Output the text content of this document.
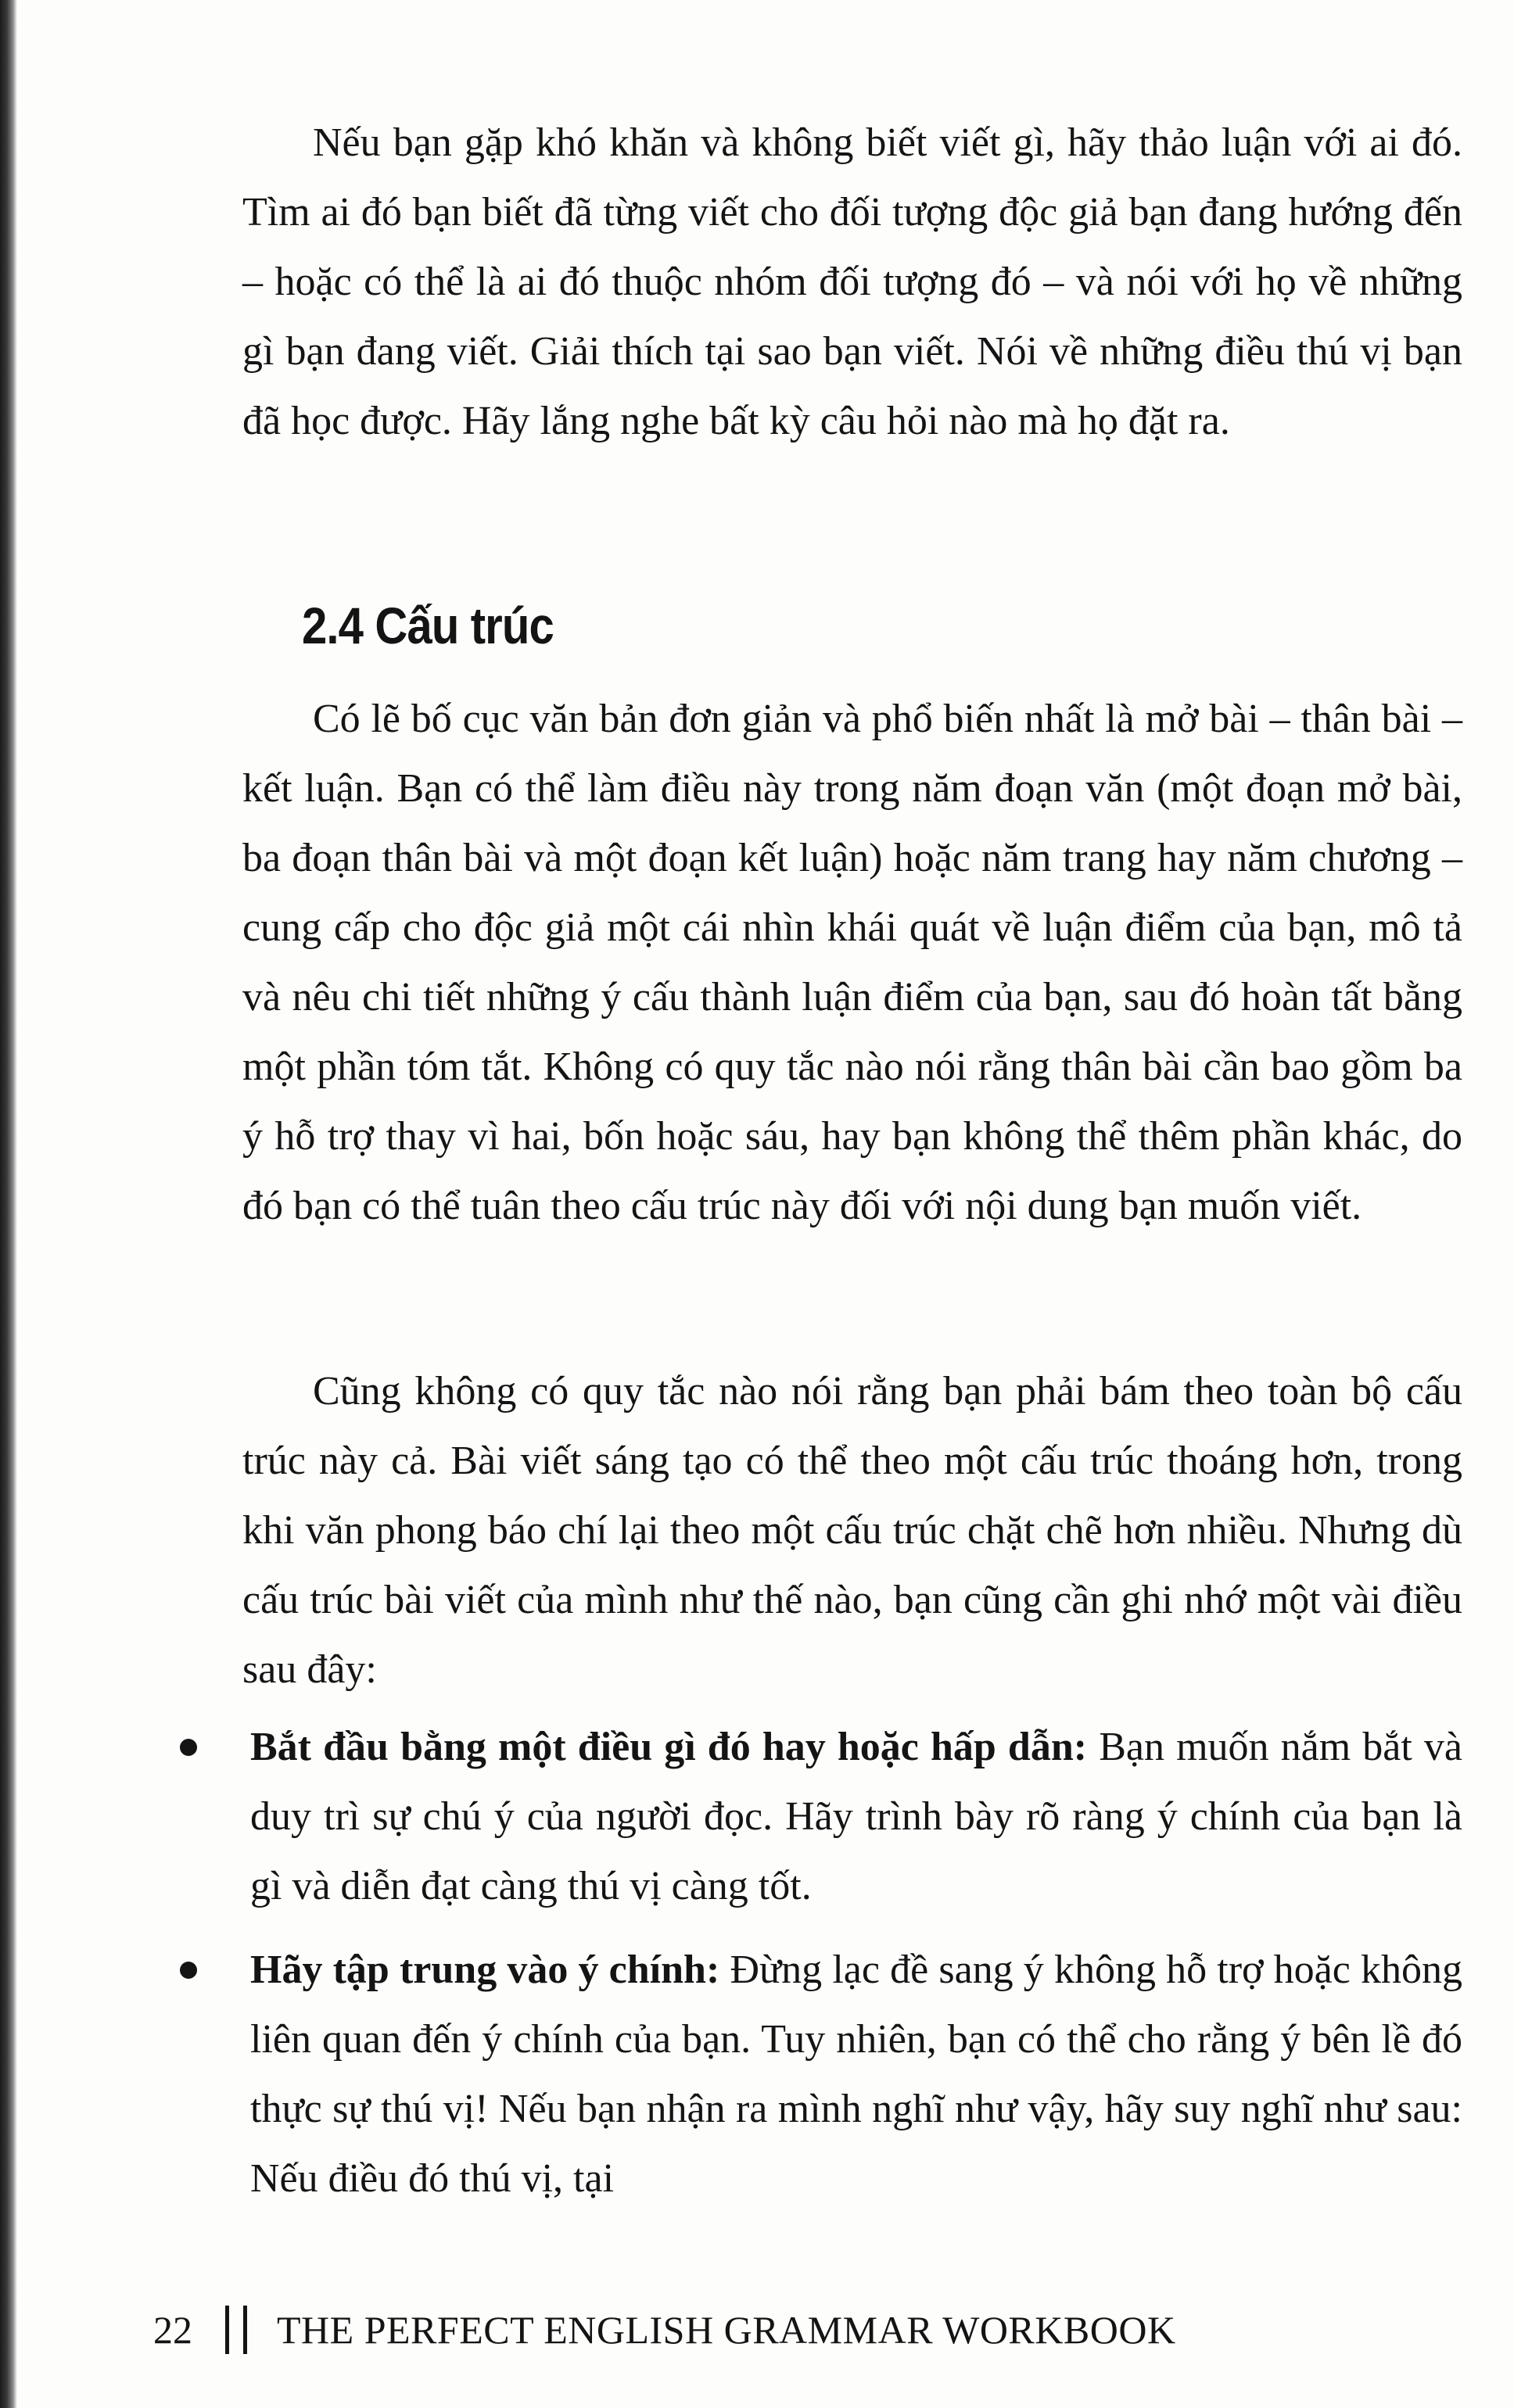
Nếu bạn gặp khó khăn và không biết viết gì, hãy thảo luận với ai đó. Tìm ai đó bạn biết đã từng viết cho đối tượng độc giả bạn đang hướng đến – hoặc có thể là ai đó thuộc nhóm đối tượng đó – và nói với họ về những gì bạn đang viết. Giải thích tại sao bạn viết. Nói về những điều thú vị bạn đã học được. Hãy lắng nghe bất kỳ câu hỏi nào mà họ đặt ra.

2.4 Cấu trúc

Có lẽ bố cục văn bản đơn giản và phổ biến nhất là mở bài – thân bài – kết luận. Bạn có thể làm điều này trong năm đoạn văn (một đoạn mở bài, ba đoạn thân bài và một đoạn kết luận) hoặc năm trang hay năm chương – cung cấp cho độc giả một cái nhìn khái quát về luận điểm của bạn, mô tả và nêu chi tiết những ý cấu thành luận điểm của bạn, sau đó hoàn tất bằng một phần tóm tắt. Không có quy tắc nào nói rằng thân bài cần bao gồm ba ý hỗ trợ thay vì hai, bốn hoặc sáu, hay bạn không thể thêm phần khác, do đó bạn có thể tuân theo cấu trúc này đối với nội dung bạn muốn viết.

Cũng không có quy tắc nào nói rằng bạn phải bám theo toàn bộ cấu trúc này cả. Bài viết sáng tạo có thể theo một cấu trúc thoáng hơn, trong khi văn phong báo chí lại theo một cấu trúc chặt chẽ hơn nhiều. Nhưng dù cấu trúc bài viết của mình như thế nào, bạn cũng cần ghi nhớ một vài điều sau đây:

Bắt đầu bằng một điều gì đó hay hoặc hấp dẫn: Bạn muốn nắm bắt và duy trì sự chú ý của người đọc. Hãy trình bày rõ ràng ý chính của bạn là gì và diễn đạt càng thú vị càng tốt.
Hãy tập trung vào ý chính: Đừng lạc đề sang ý không hỗ trợ hoặc không liên quan đến ý chính của bạn. Tuy nhiên, bạn có thể cho rằng ý bên lề đó thực sự thú vị! Nếu bạn nhận ra mình nghĩ như vậy, hãy suy nghĩ như sau: Nếu điều đó thú vị, tại
22 THE PERFECT ENGLISH GRAMMAR WORKBOOK
